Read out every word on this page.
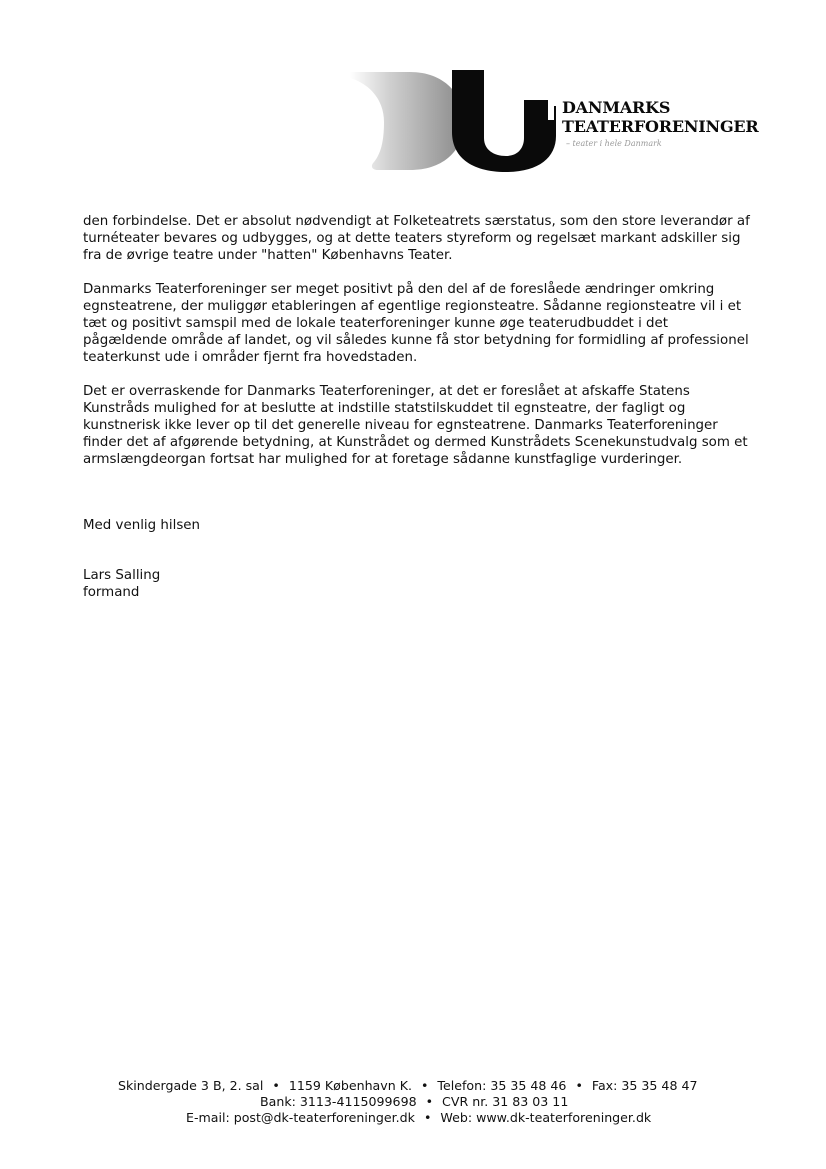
DANMARKS
TEATERFORENINGER
– teater i hele Danmark

den forbindelse. Det er absolut nødvendigt at Folketeatrets særstatus, som den store leverandør af turnéteater bevares og udbygges, og at dette teaters styreform og regelsæt markant adskiller sig fra de øvrige teatre under "hatten" Københavns Teater.

Danmarks Teaterforeninger ser meget positivt på den del af de foreslåede ændringer omkring egnsteatrene, der muliggør etableringen af egentlige regionsteatre. Sådanne regionsteatre vil i et tæt og positivt samspil med de lokale teaterforeninger kunne øge teaterudbuddet i det pågældende område af landet, og vil således kunne få stor betydning for formidling af professionel teaterkunst ude i områder fjernt fra hovedstaden.

Det er overraskende for Danmarks Teaterforeninger, at det er foreslået at afskaffe Statens Kunstråds mulighed for at beslutte at indstille statstilskuddet til egnsteatre, der fagligt og kunstnerisk ikke lever op til det generelle niveau for egnsteatrene. Danmarks Teaterforeninger finder det af afgørende betydning, at Kunstrådet og dermed Kunstrådets Scenekunstudvalg som et armslængdeorgan fortsat har mulighed for at foretage sådanne kunstfaglige vurderinger.

Med venlig hilsen
Lars Salling
formand
Skindergade 3 B, 2. sal • 1159 København K. • Telefon: 35 35 48 46 • Fax: 35 35 48 47
Bank: 3113-4115099698 • CVR nr. 31 83 03 11
E-mail: post@dk-teaterforeninger.dk • Web: www.dk-teaterforeninger.dk
